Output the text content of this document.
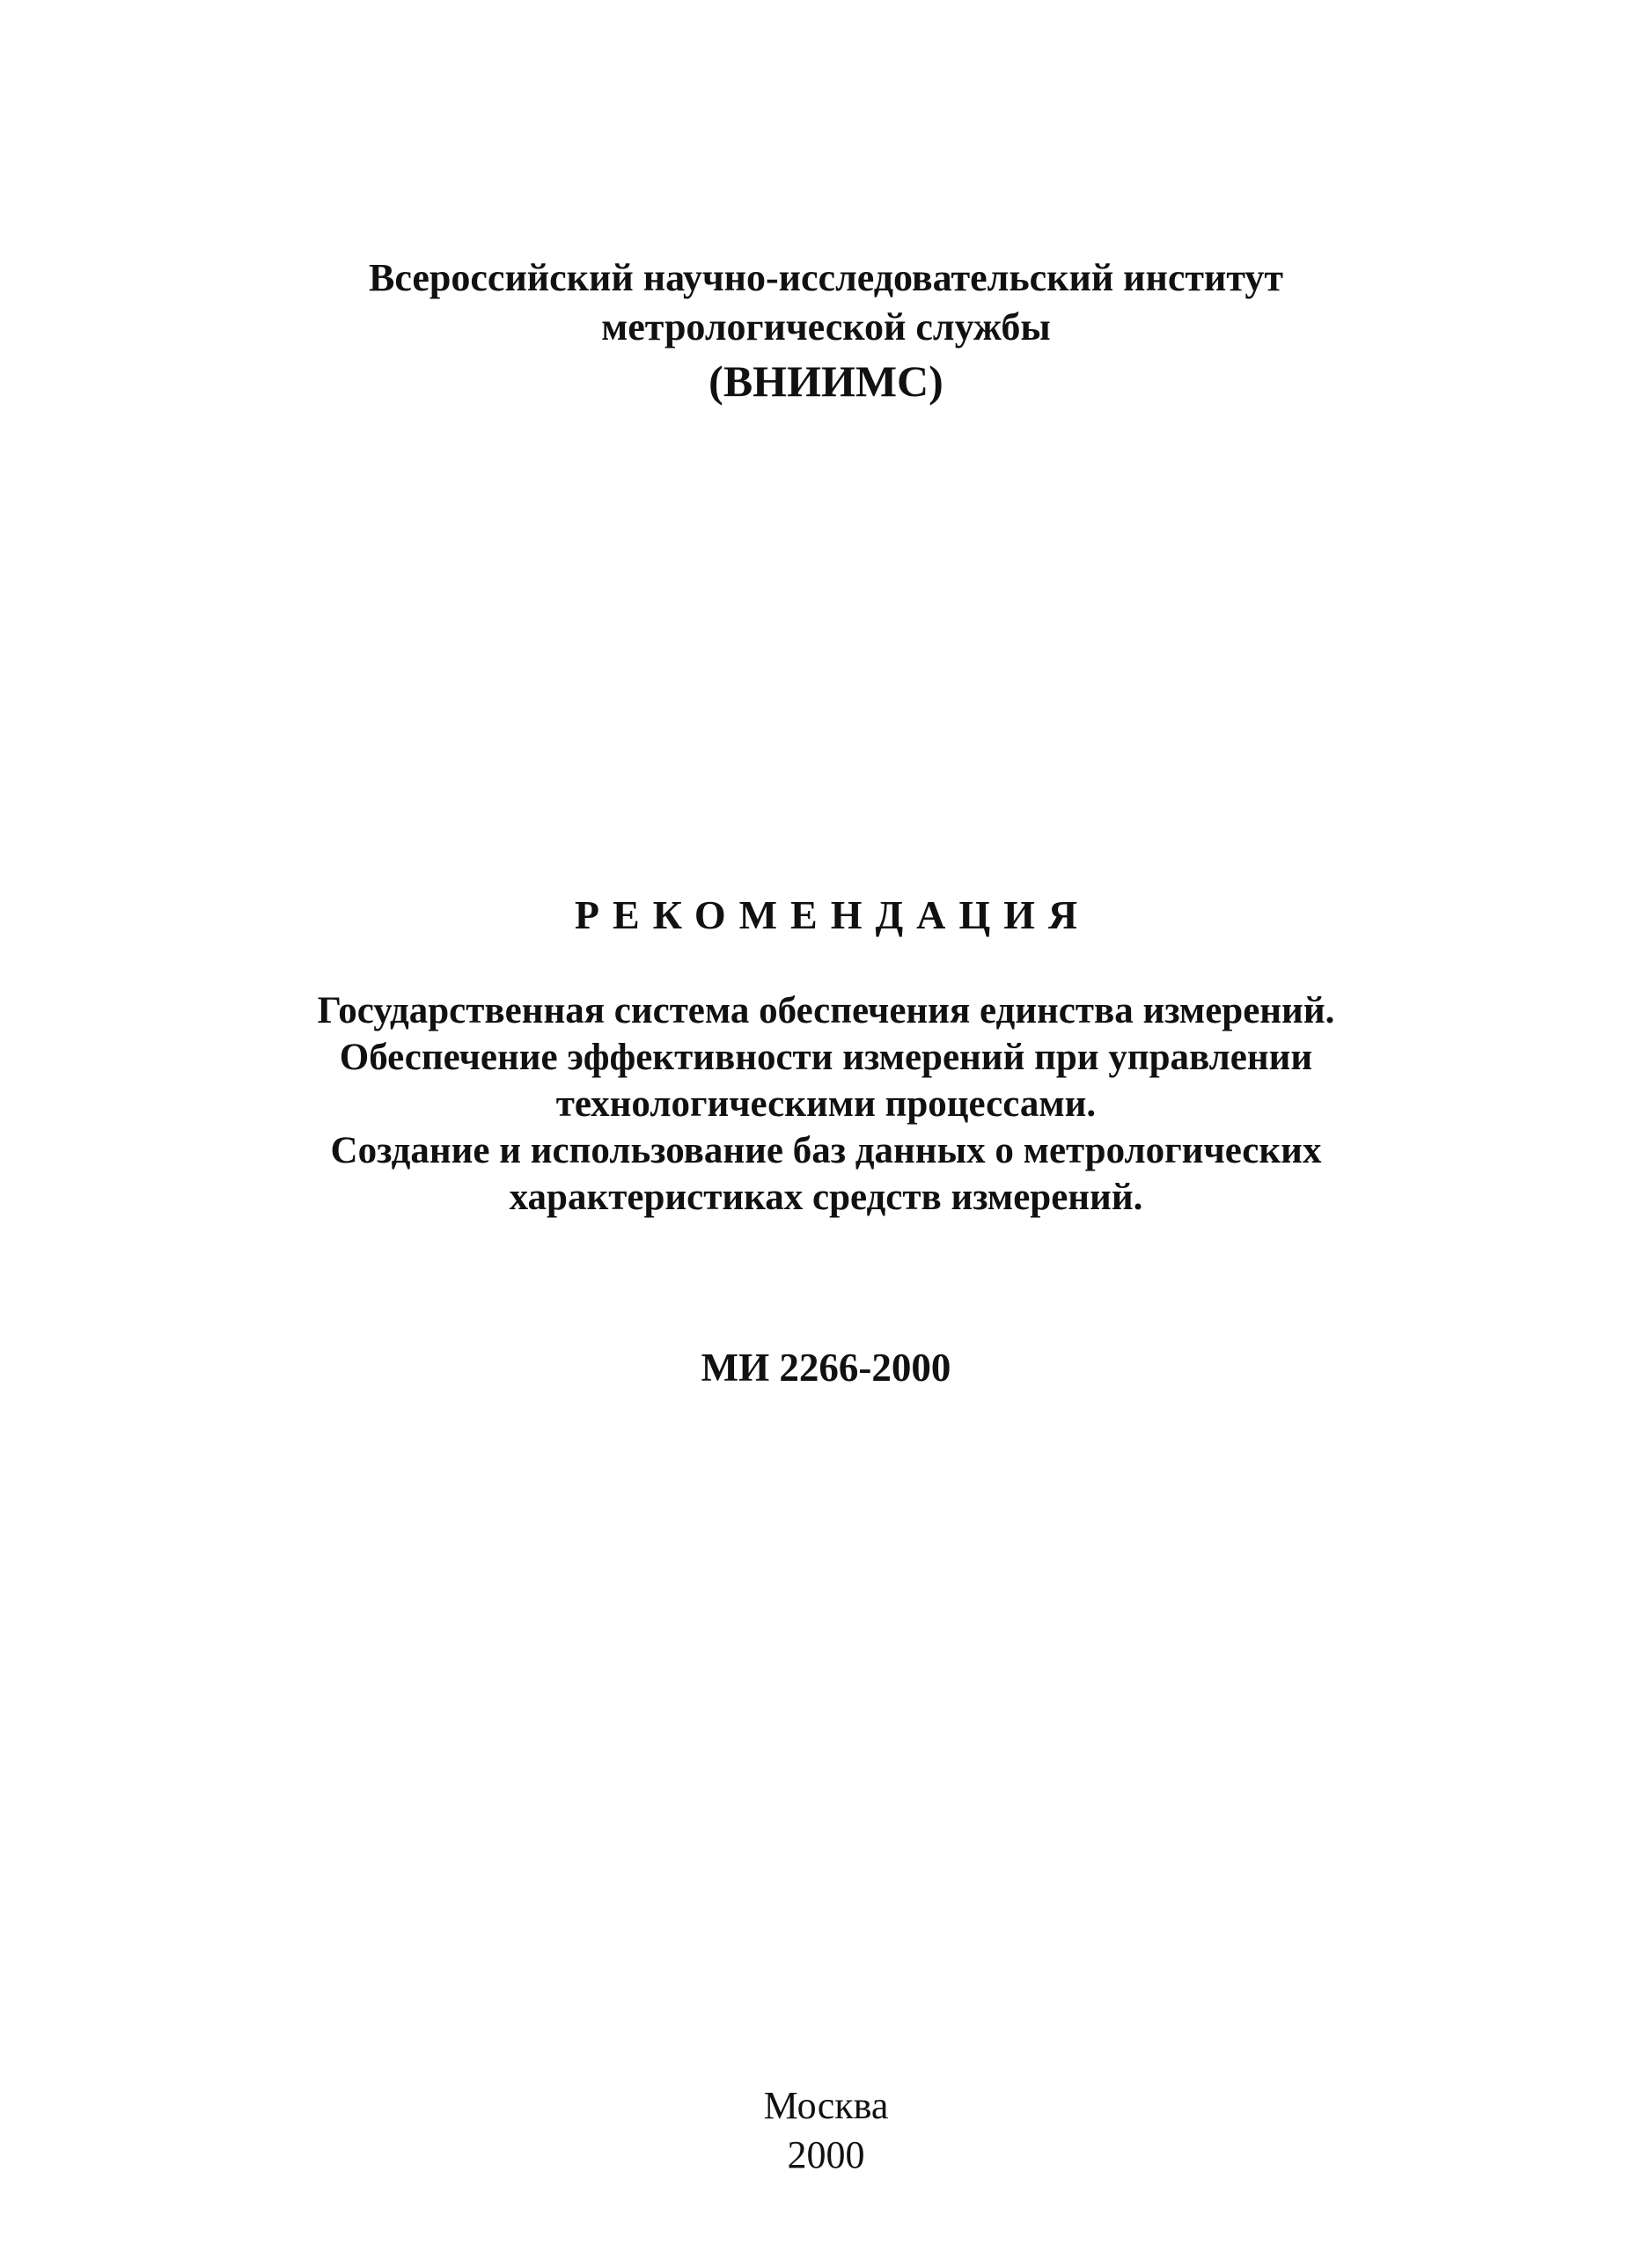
Всероссийский научно-исследовательский институт
метрологической службы
(ВНИИМС)
РЕКОМЕНДАЦИЯ
Государственная система обеспечения единства измерений.
Обеспечение эффективности измерений при управлении
технологическими процессами.
Создание и использование баз данных о метрологических
характеристиках средств измерений.
МИ 2266-2000
Москва
2000
